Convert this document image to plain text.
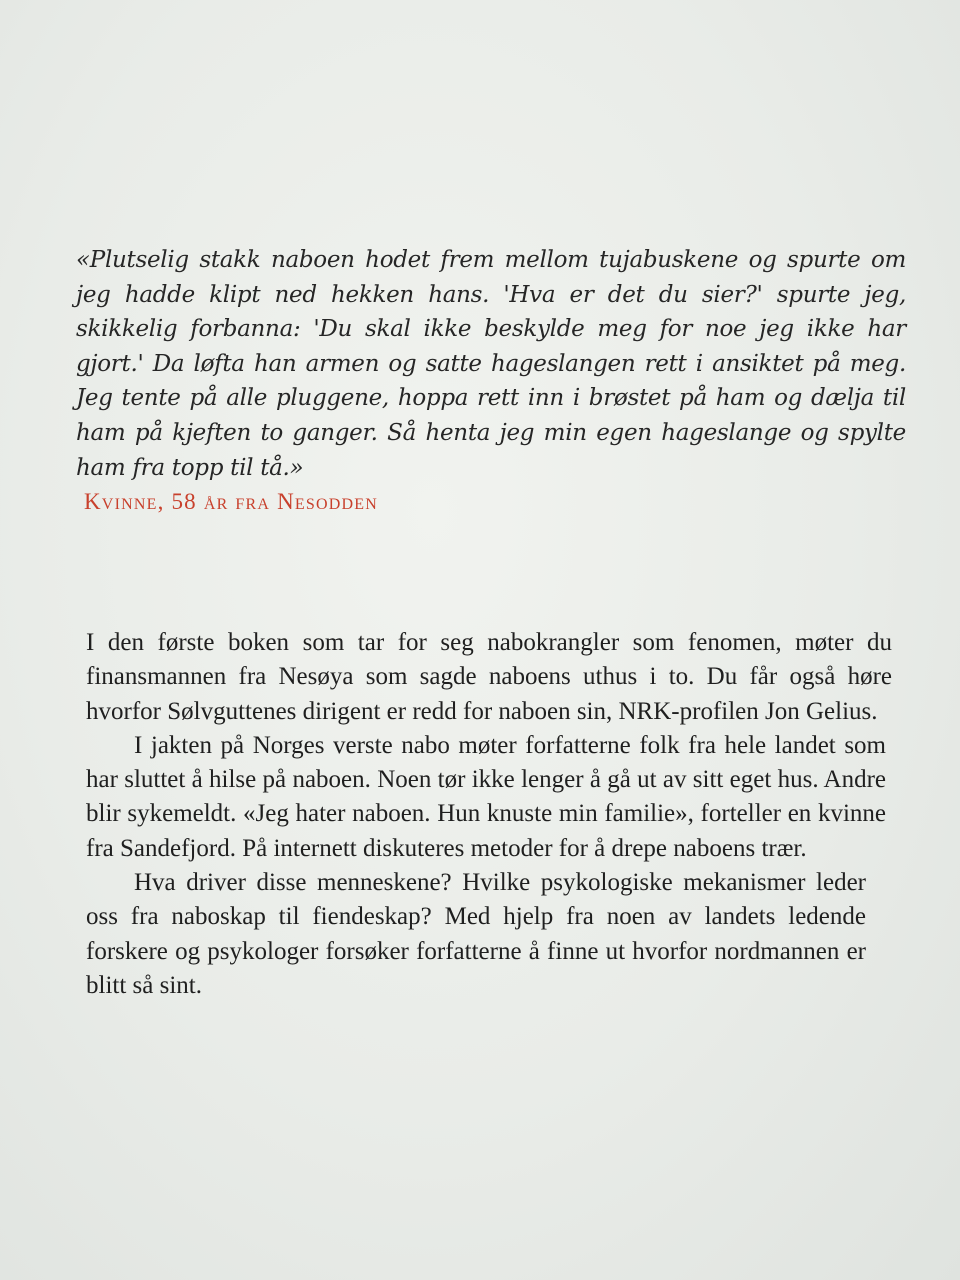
«Plutselig stakk naboen hodet frem mellom tujabuskene og spurte om jeg hadde klipt ned hekken hans. 'Hva er det du sier?' spurte jeg, skikkelig forbanna: 'Du skal ikke beskylde meg for noe jeg ikke har gjort.' Da løfta han armen og satte hageslangen rett i ansiktet på meg. Jeg tente på alle pluggene, hoppa rett inn i brøstet på ham og dælja til ham på kjeften to ganger. Så henta jeg min egen hageslange og spylte ham fra topp til tå.»

Kvinne, 58 år fra Nesodden

I den første boken som tar for seg nabokrangler som fenomen, møter du finansmannen fra Nesøya som sagde naboens uthus i to. Du får også høre hvorfor Sølvguttenes dirigent er redd for naboen sin, NRK-profilen Jon Gelius.

I jakten på Norges verste nabo møter forfatterne folk fra hele landet som har sluttet å hilse på naboen. Noen tør ikke lenger å gå ut av sitt eget hus. Andre blir sykemeldt. «Jeg hater naboen. Hun knuste min familie», forteller en kvinne fra Sandefjord. På internett diskuteres metoder for å drepe naboens trær.

Hva driver disse menneskene? Hvilke psykologiske mekanismer leder oss fra naboskap til fiendeskap? Med hjelp fra noen av landets ledende forskere og psykologer forsøker forfatterne å finne ut hvorfor nordmannen er blitt så sint.
